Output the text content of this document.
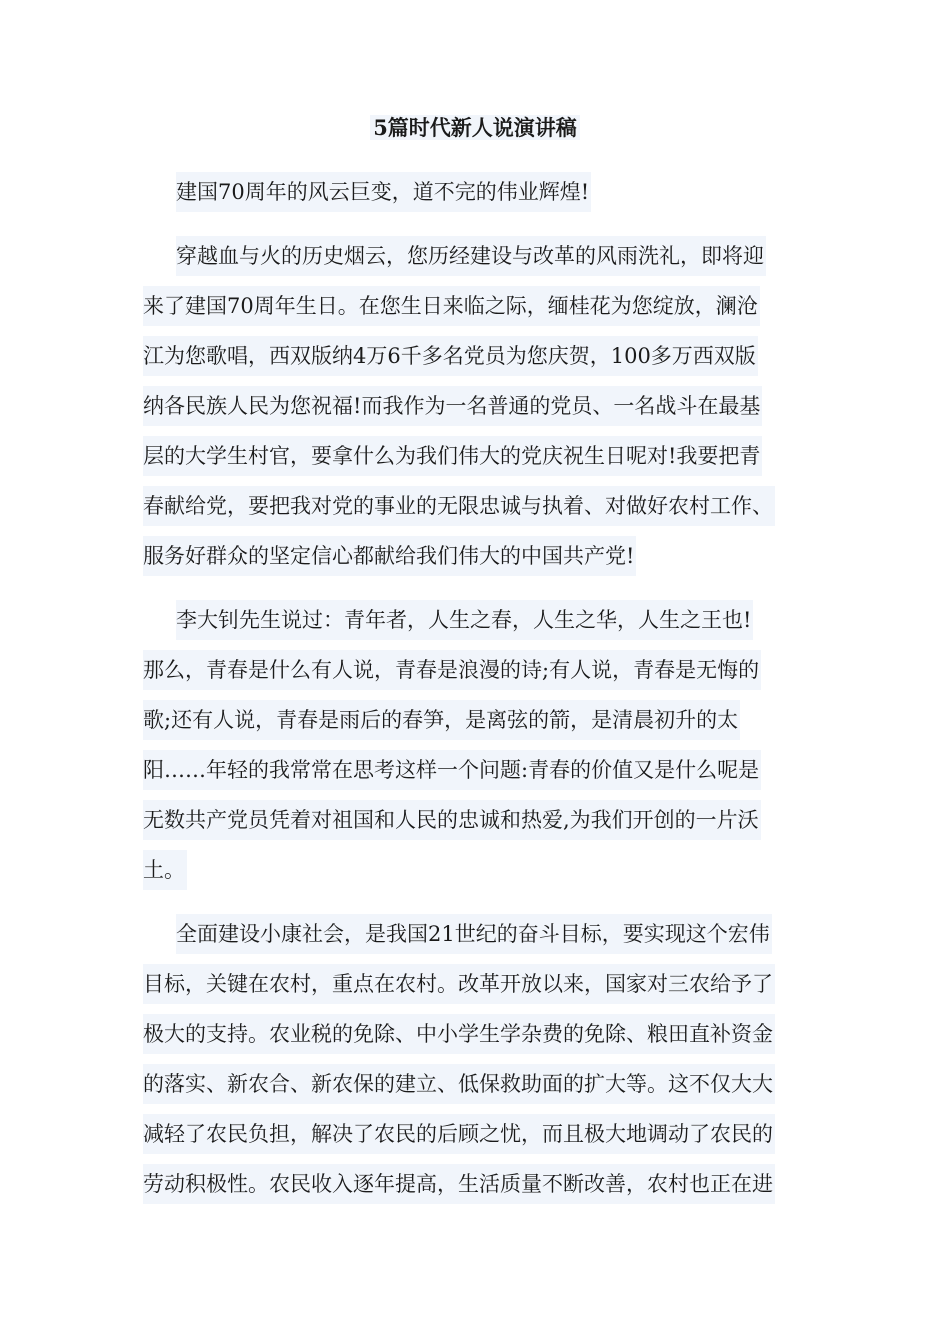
5篇时代新人说演讲稿
建国70周年的风云巨变，道不完的伟业辉煌!
穿越血与火的历史烟云，您历经建设与改革的风雨洗礼，即将迎
来了建国70周年生日。在您生日来临之际，缅桂花为您绽放，澜沧
江为您歌唱，西双版纳4万6千多名党员为您庆贺，100多万西双版
纳各民族人民为您祝福!而我作为一名普通的党员、一名战斗在最基
层的大学生村官，要拿什么为我们伟大的党庆祝生日呢对!我要把青
春献给党，要把我对党的事业的无限忠诚与执着、对做好农村工作、
服务好群众的坚定信心都献给我们伟大的中国共产党!
李大钊先生说过：青年者，人生之春，人生之华，人生之王也!
那么，青春是什么有人说，青春是浪漫的诗;有人说，青春是无悔的
歌;还有人说，青春是雨后的春笋，是离弦的箭，是清晨初升的太
阳……年轻的我常常在思考这样一个问题:青春的价值又是什么呢是
无数共产党员凭着对祖国和人民的忠诚和热爱,为我们开创的一片沃
土。
全面建设小康社会，是我国21世纪的奋斗目标，要实现这个宏伟
目标，关键在农村，重点在农村。改革开放以来，国家对三农给予了
极大的支持。农业税的免除、中小学生学杂费的免除、粮田直补资金
的落实、新农合、新农保的建立、低保救助面的扩大等。这不仅大大
减轻了农民负担，解决了农民的后顾之忧，而且极大地调动了农民的
劳动积极性。农民收入逐年提高，生活质量不断改善，农村也正在进
